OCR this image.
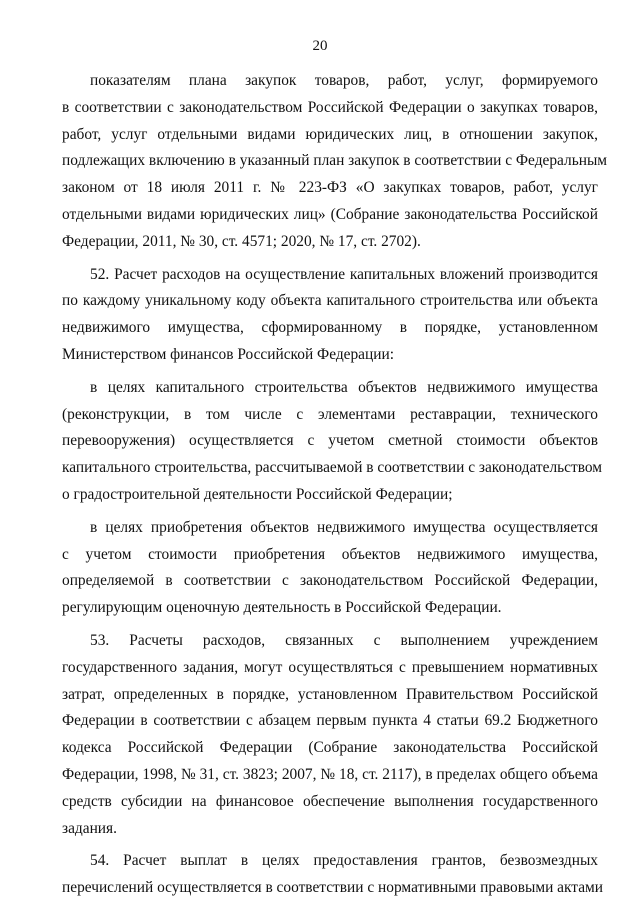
20

показателям плана закупок товаров, работ, услуг, формируемого
в соответствии с законодательством Российской Федерации о закупках товаров,
работ, услуг отдельными видами юридических лиц, в отношении закупок,
подлежащих включению в указанный план закупок в соответствии с Федеральным
законом от 18 июля 2011 г. № 223-ФЗ «О закупках товаров, работ, услуг
отдельными видами юридических лиц» (Собрание законодательства Российской
Федерации, 2011, № 30, ст. 4571; 2020, № 17, ст. 2702).

52. Расчет расходов на осуществление капитальных вложений производится
по каждому уникальному коду объекта капитального строительства или объекта
недвижимого имущества, сформированному в порядке, установленном
Министерством финансов Российской Федерации:

в целях капитального строительства объектов недвижимого имущества
(реконструкции, в том числе с элементами реставрации, технического
перевооружения) осуществляется с учетом сметной стоимости объектов
капитального строительства, рассчитываемой в соответствии с законодательством
о градостроительной деятельности Российской Федерации;

в целях приобретения объектов недвижимого имущества осуществляется
с учетом стоимости приобретения объектов недвижимого имущества,
определяемой в соответствии с законодательством Российской Федерации,
регулирующим оценочную деятельность в Российской Федерации.

53. Расчеты расходов, связанных с выполнением учреждением
государственного задания, могут осуществляться с превышением нормативных
затрат, определенных в порядке, установленном Правительством Российской
Федерации в соответствии с абзацем первым пункта 4 статьи 69.2 Бюджетного
кодекса Российской Федерации (Собрание законодательства Российской
Федерации, 1998, № 31, ст. 3823; 2007, № 18, ст. 2117), в пределах общего объема
средств субсидии на финансовое обеспечение выполнения государственного
задания.

54. Расчет выплат в целях предоставления грантов, безвозмездных
перечислений осуществляется в соответствии с нормативными правовыми актами
